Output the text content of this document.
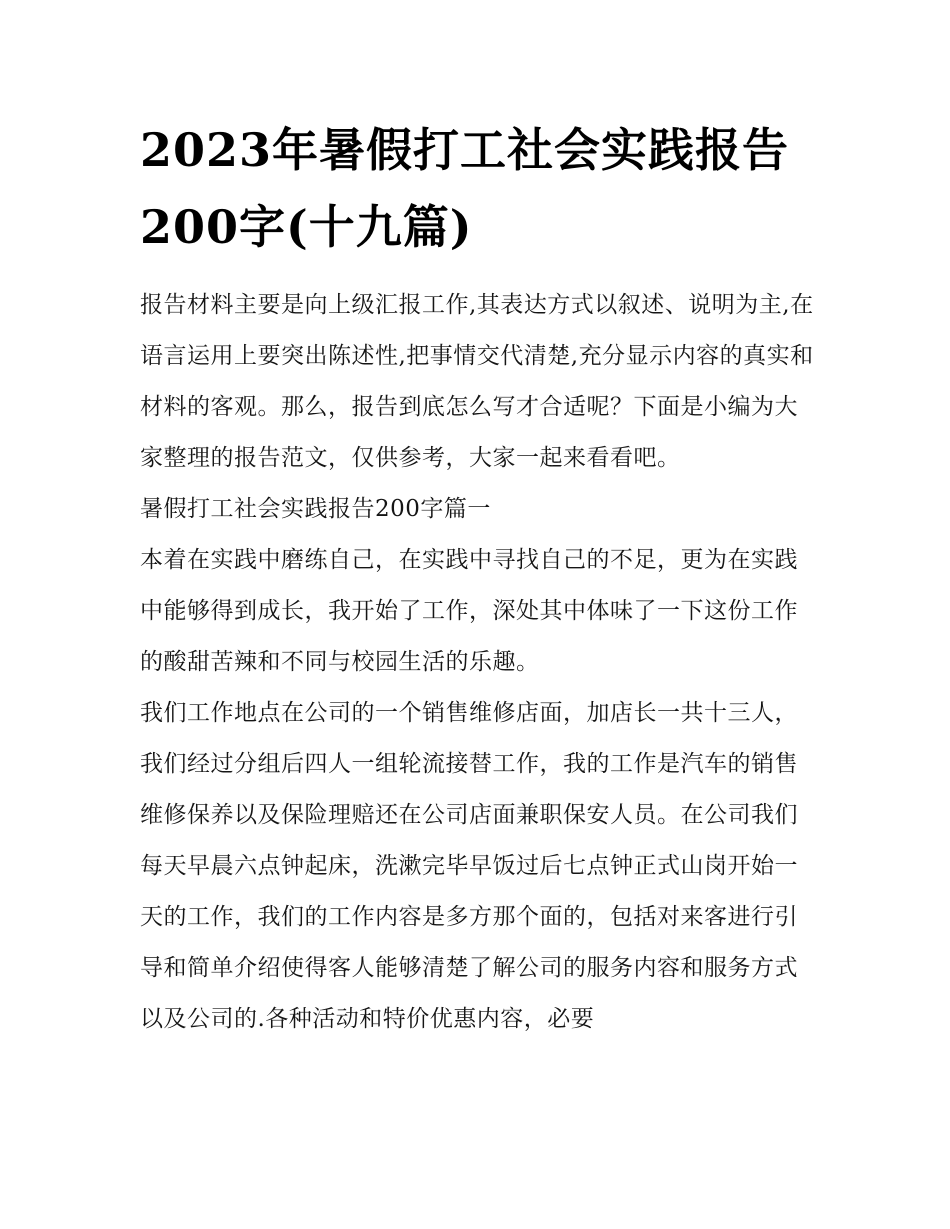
2023年暑假打工社会实践报告200字(十九篇)

报告材料主要是向上级汇报工作,其表达方式以叙述、说明为主,在语言运用上要突出陈述性,把事情交代清楚,充分显示内容的真实和材料的客观。那么，报告到底怎么写才合适呢？下面是小编为大家整理的报告范文，仅供参考，大家一起来看看吧。

暑假打工社会实践报告200字篇一

本着在实践中磨练自己，在实践中寻找自己的不足，更为在实践中能够得到成长，我开始了工作，深处其中体味了一下这份工作的酸甜苦辣和不同与校园生活的乐趣。

我们工作地点在公司的一个销售维修店面，加店长一共十三人，我们经过分组后四人一组轮流接替工作，我的工作是汽车的销售维修保养以及保险理赔还在公司店面兼职保安人员。在公司我们每天早晨六点钟起床，洗漱完毕早饭过后七点钟正式山岗开始一天的工作，我们的工作内容是多方那个面的，包括对来客进行引导和简单介绍使得客人能够清楚了解公司的服务内容和服务方式以及公司的.各种活动和特价优惠内容，必要
